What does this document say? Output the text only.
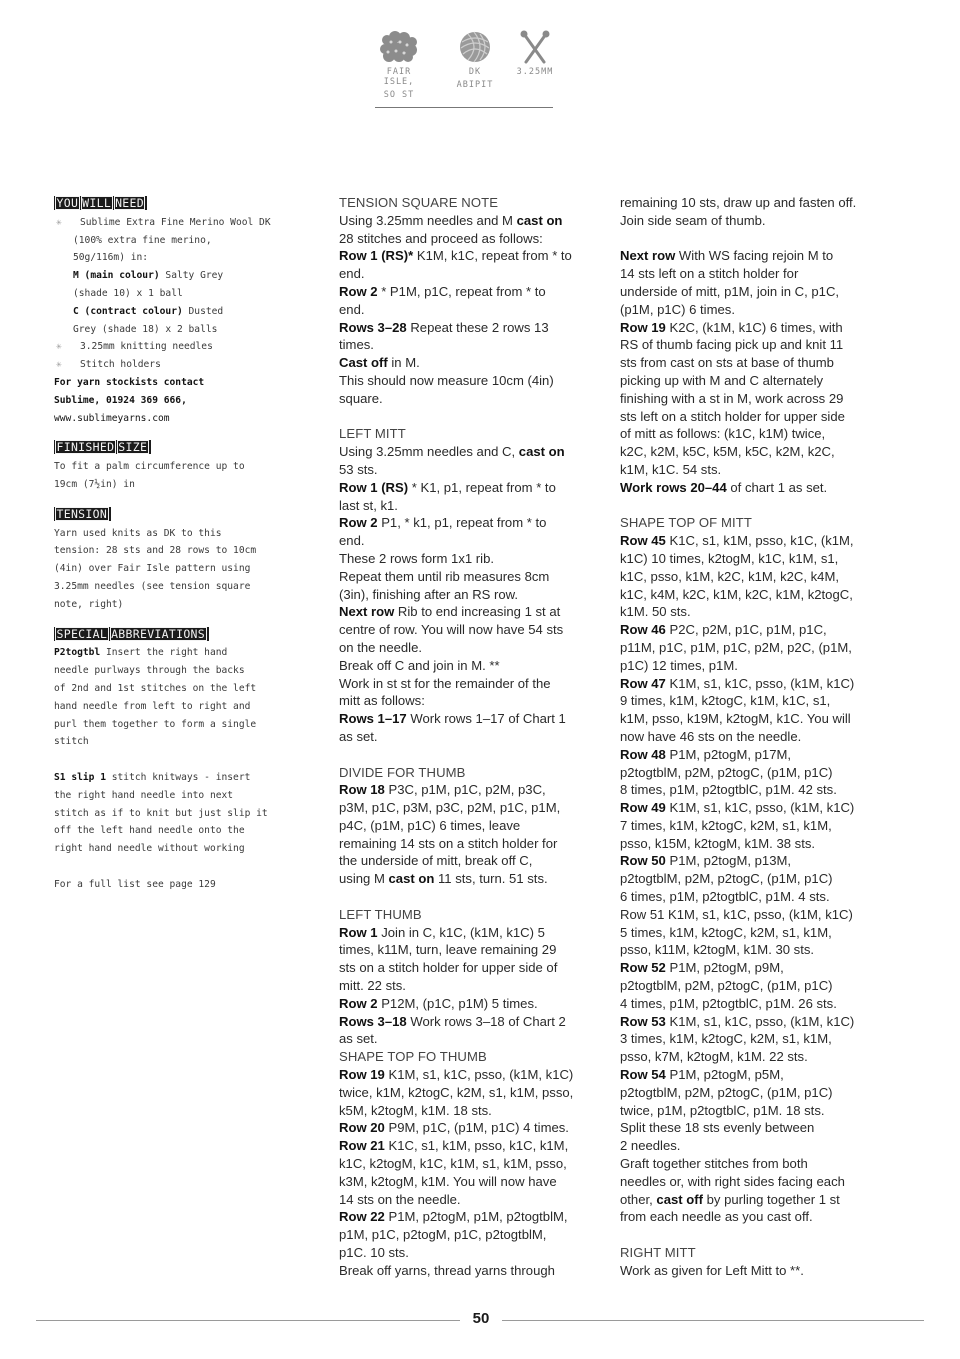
FAIR ISLE,
SO ST
DK
ABIPIT
3.25MM
YOU WILL NEED
✳ Sublime Extra Fine Merino Wool DK
(100% extra fine merino,
50g/116m) in:
M (main colour) Salty Grey
(shade 10) x 1 ball
C (contract colour) Dusted
Grey (shade 18) x 2 balls
✳ 3.25mm knitting needles
✳ Stitch holders
For yarn stockists contact
Sublime, 01924 369 666,
www.sublimeyarns.com
FINISHED SIZE
To fit a palm circumference up to
19cm (7½in) in
TENSION
Yarn used knits as DK to this
tension: 28 sts and 28 rows to 10cm
(4in) over Fair Isle pattern using
3.25mm needles (see tension square
note, right)
SPECIAL ABBREVIATIONS
P2togtbl Insert the right hand
needle purlways through the backs
of 2nd and 1st stitches on the left
hand needle from left to right and
purl them together to form a single
stitch
S1 slip 1 stitch knitways - insert
the right hand needle into next
stitch as if to knit but just slip it
off the left hand needle onto the
right hand needle without working
For a full list see page 129
TENSION SQUARE NOTE
Using 3.25mm needles and M cast on
28 stitches and proceed as follows:
Row 1 (RS)* K1M, k1C, repeat from * to
end.
Row 2 * P1M, p1C, repeat from * to
end.
Rows 3–28 Repeat these 2 rows 13
times.
Cast off in M.
This should now measure 10cm (4in)
square.
LEFT MITT
Using 3.25mm needles and C, cast on
53 sts.
Row 1 (RS) * K1, p1, repeat from * to
last st, k1.
Row 2 P1, * k1, p1, repeat from * to
end.
These 2 rows form 1x1 rib.
Repeat them until rib measures 8cm
(3in), finishing after an RS row.
Next row Rib to end increasing 1 st at
centre of row. You will now have 54 sts
on the needle.
Break off C and join in M. **
Work in st st for the remainder of the
mitt as follows:
Rows 1–17 Work rows 1–17 of Chart 1
as set.
DIVIDE FOR THUMB
Row 18 P3C, p1M, p1C, p2M, p3C,
p3M, p1C, p3M, p3C, p2M, p1C, p1M,
p4C, (p1M, p1C) 6 times, leave
remaining 14 sts on a stitch holder for
the underside of mitt, break off C,
using M cast on 11 sts, turn. 51 sts.
LEFT THUMB
Row 1 Join in C, k1C, (k1M, k1C) 5
times, k11M, turn, leave remaining 29
sts on a stitch holder for upper side of
mitt. 22 sts.
Row 2 P12M, (p1C, p1M) 5 times.
Rows 3–18 Work rows 3–18 of Chart 2
as set.
SHAPE TOP FO THUMB
Row 19 K1M, s1, k1C, psso, (k1M, k1C)
twice, k1M, k2togC, k2M, s1, k1M, psso,
k5M, k2togM, k1M. 18 sts.
Row 20 P9M, p1C, (p1M, p1C) 4 times.
Row 21 K1C, s1, k1M, psso, k1C, k1M,
k1C, k2togM, k1C, k1M, s1, k1M, psso,
k3M, k2togM, k1M. You will now have
14 sts on the needle.
Row 22 P1M, p2togM, p1M, p2togtblM,
p1M, p1C, p2togM, p1C, p2togtblM,
p1C. 10 sts.
Break off yarns, thread yarns through
remaining 10 sts, draw up and fasten off.
Join side seam of thumb.
Next row With WS facing rejoin M to
14 sts left on a stitch holder for
underside of mitt, p1M, join in C, p1C,
(p1M, p1C) 6 times.
Row 19 K2C, (k1M, k1C) 6 times, with
RS of thumb facing pick up and knit 11
sts from cast on sts at base of thumb
picking up with M and C alternately
finishing with a st in M, work across 29
sts left on a stitch holder for upper side
of mitt as follows: (k1C, k1M) twice,
k2C, k2M, k5C, k5M, k5C, k2M, k2C,
k1M, k1C. 54 sts.
Work rows 20–44 of chart 1 as set.
SHAPE TOP OF MITT
Row 45 K1C, s1, k1M, psso, k1C, (k1M,
k1C) 10 times, k2togM, k1C, k1M, s1,
k1C, psso, k1M, k2C, k1M, k2C, k4M,
k1C, k4M, k2C, k1M, k2C, k1M, k2togC,
k1M. 50 sts.
Row 46 P2C, p2M, p1C, p1M, p1C,
p11M, p1C, p1M, p1C, p2M, p2C, (p1M,
p1C) 12 times, p1M.
Row 47 K1M, s1, k1C, psso, (k1M, k1C)
9 times, k1M, k2togC, k1M, k1C, s1,
k1M, psso, k19M, k2togM, k1C. You will
now have 46 sts on the needle.
Row 48 P1M, p2togM, p17M,
p2togtblM, p2M, p2togC, (p1M, p1C)
8 times, p1M, p2togtblC, p1M. 42 sts.
Row 49 K1M, s1, k1C, psso, (k1M, k1C)
7 times, k1M, k2togC, k2M, s1, k1M,
psso, k15M, k2togM, k1M. 38 sts.
Row 50 P1M, p2togM, p13M,
p2togtblM, p2M, p2togC, (p1M, p1C)
6 times, p1M, p2togtblC, p1M. 4 sts.
Row 51 K1M, s1, k1C, psso, (k1M, k1C)
5 times, k1M, k2togC, k2M, s1, k1M,
psso, k11M, k2togM, k1M. 30 sts.
Row 52 P1M, p2togM, p9M,
p2togtblM, p2M, p2togC, (p1M, p1C)
4 times, p1M, p2togtblC, p1M. 26 sts.
Row 53 K1M, s1, k1C, psso, (k1M, k1C)
3 times, k1M, k2togC, k2M, s1, k1M,
psso, k7M, k2togM, k1M. 22 sts.
Row 54 P1M, p2togM, p5M,
p2togtblM, p2M, p2togC, (p1M, p1C)
twice, p1M, p2togtblC, p1M. 18 sts.
Split these 18 sts evenly between
2 needles.
Graft together stitches from both
needles or, with right sides facing each
other, cast off by purling together 1 st
from each needle as you cast off.
RIGHT MITT
Work as given for Left Mitt to **.
50
